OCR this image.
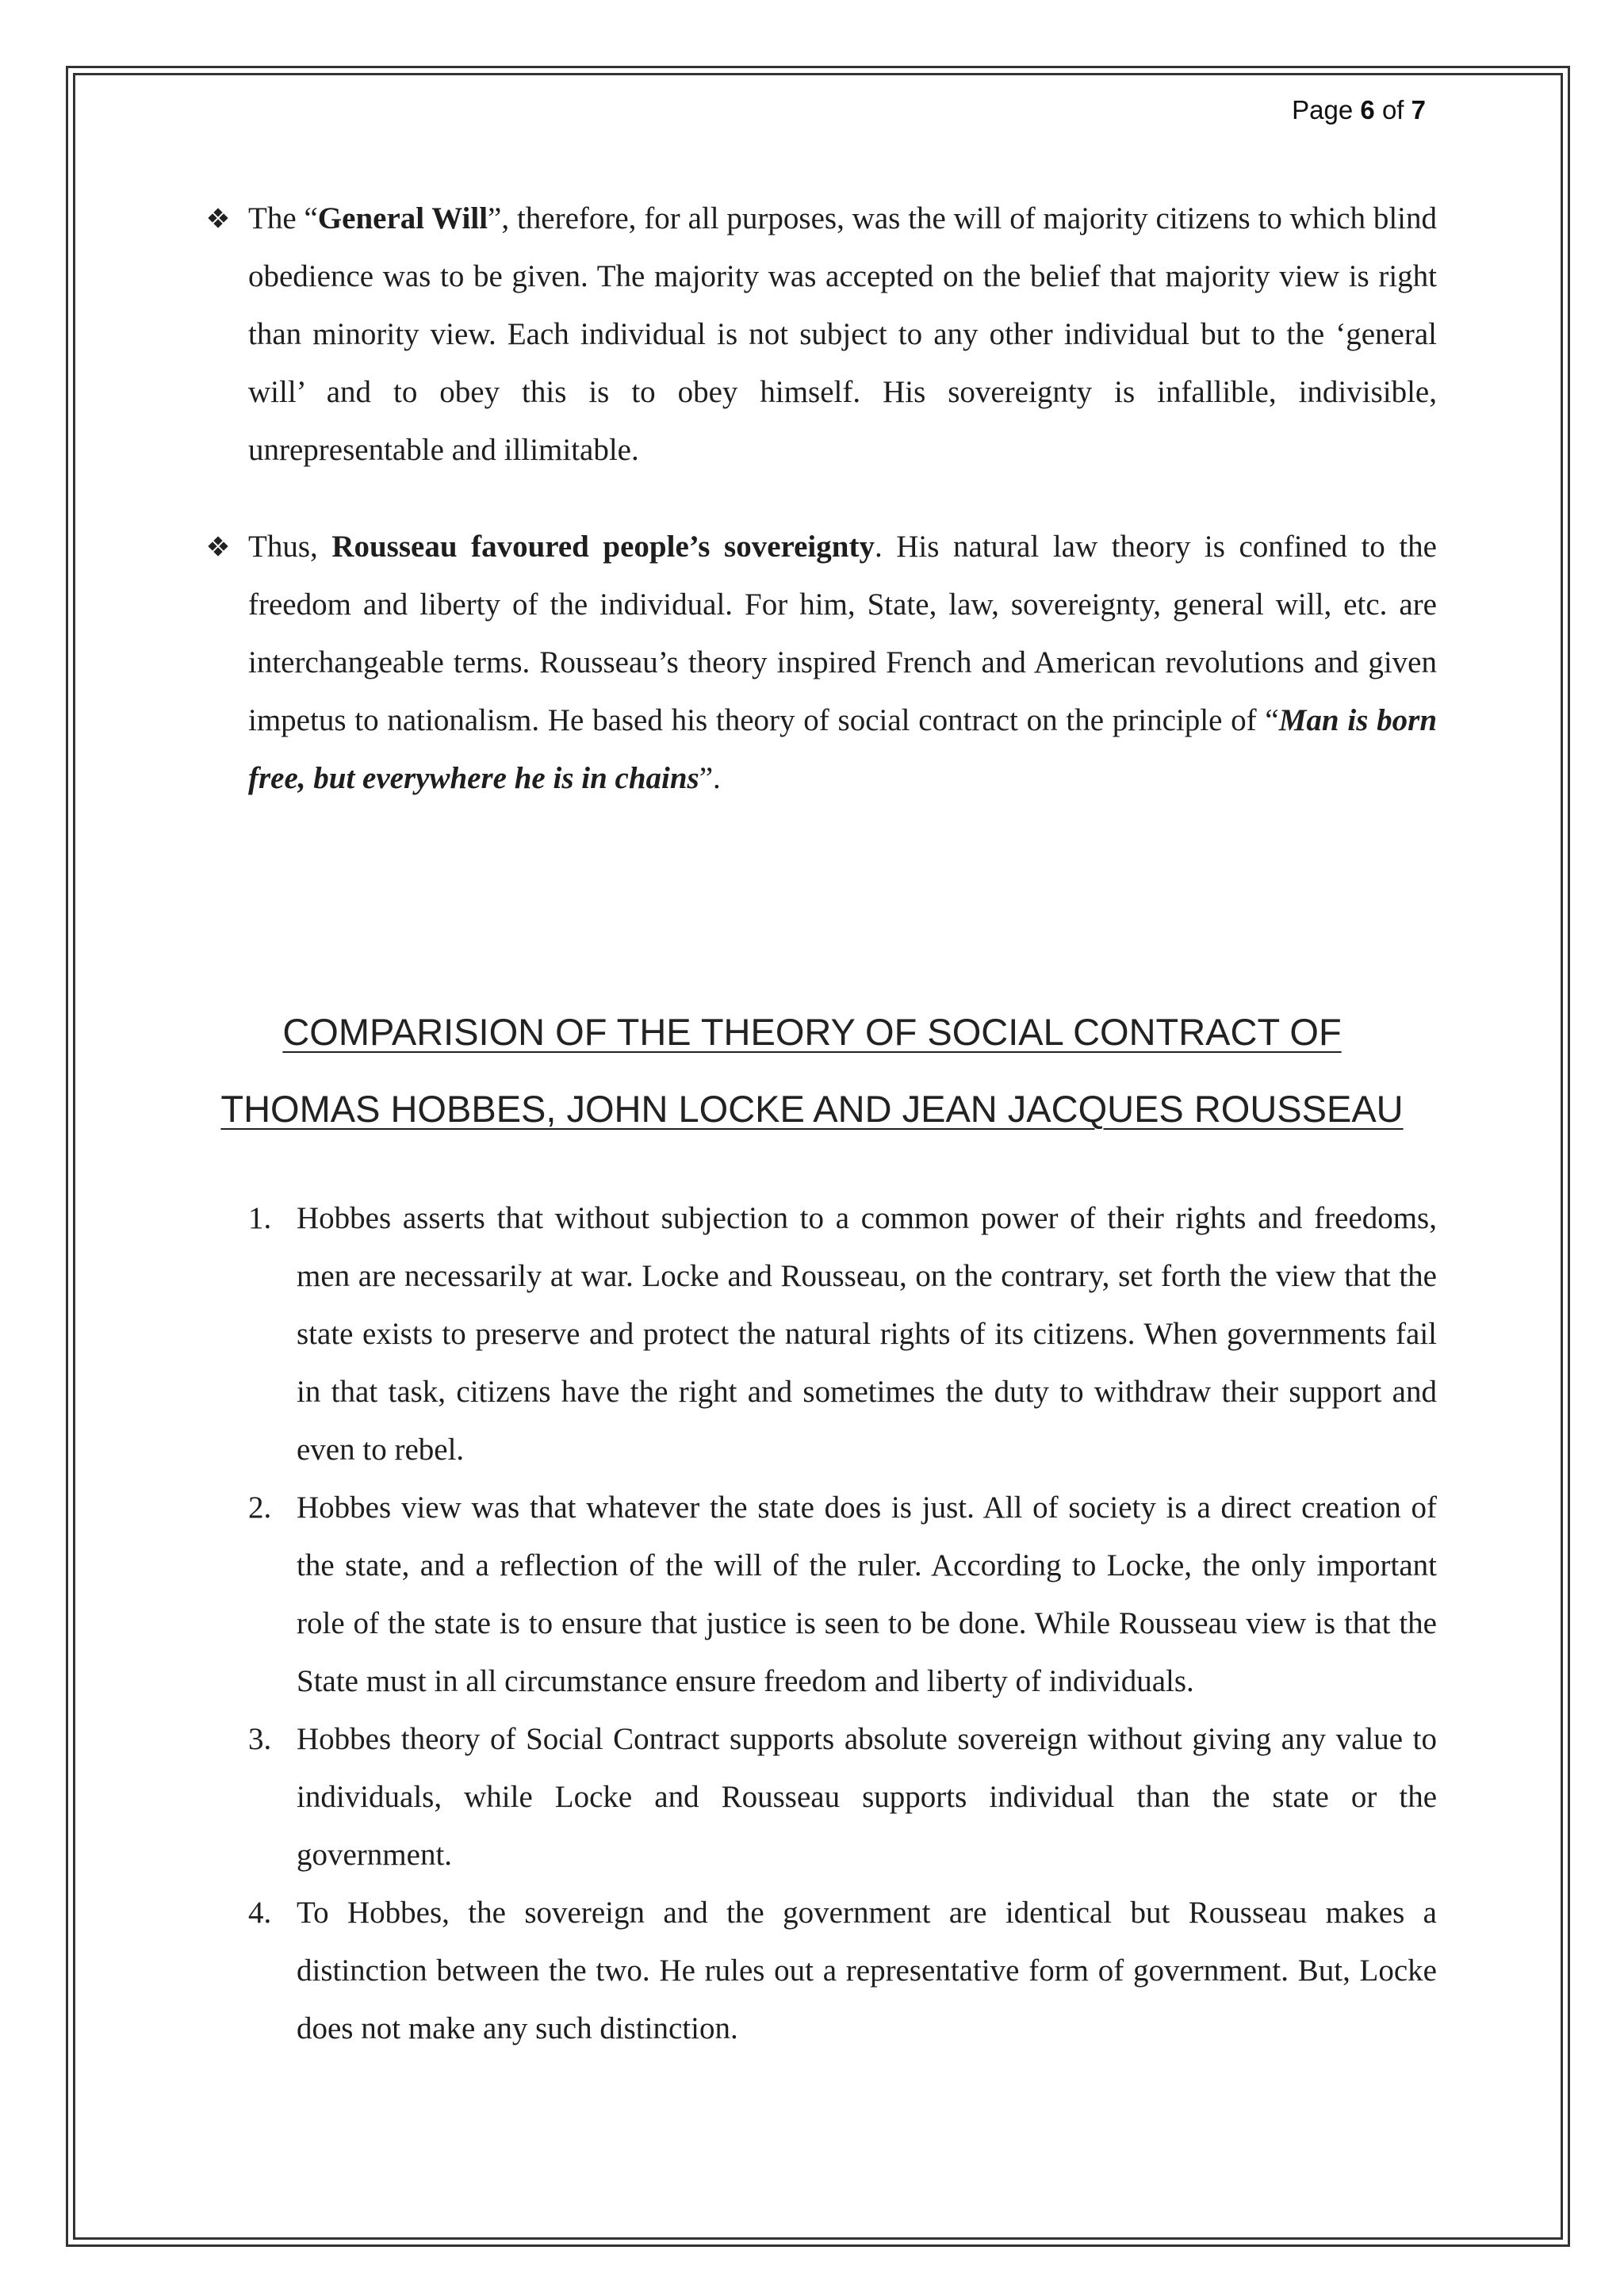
Page 6 of 7
The “General Will”, therefore, for all purposes, was the will of majority citizens to which blind obedience was to be given. The majority was accepted on the belief that majority view is right than minority view. Each individual is not subject to any other individual but to the ‘general will’ and to obey this is to obey himself. His sovereignty is infallible, indivisible, unrepresentable and illimitable.
Thus, Rousseau favoured people’s sovereignty. His natural law theory is confined to the freedom and liberty of the individual. For him, State, law, sovereignty, general will, etc. are interchangeable terms. Rousseau’s theory inspired French and American revolutions and given impetus to nationalism. He based his theory of social contract on the principle of “Man is born free, but everywhere he is in chains”.
COMPARISION OF THE THEORY OF SOCIAL CONTRACT OF
THOMAS HOBBES, JOHN LOCKE AND JEAN JACQUES ROUSSEAU
1. Hobbes asserts that without subjection to a common power of their rights and freedoms, men are necessarily at war. Locke and Rousseau, on the contrary, set forth the view that the state exists to preserve and protect the natural rights of its citizens. When governments fail in that task, citizens have the right and sometimes the duty to withdraw their support and even to rebel.
2. Hobbes view was that whatever the state does is just. All of society is a direct creation of the state, and a reflection of the will of the ruler. According to Locke, the only important role of the state is to ensure that justice is seen to be done. While Rousseau view is that the State must in all circumstance ensure freedom and liberty of individuals.
3. Hobbes theory of Social Contract supports absolute sovereign without giving any value to individuals, while Locke and Rousseau supports individual than the state or the government.
4. To Hobbes, the sovereign and the government are identical but Rousseau makes a distinction between the two. He rules out a representative form of government. But, Locke does not make any such distinction.
